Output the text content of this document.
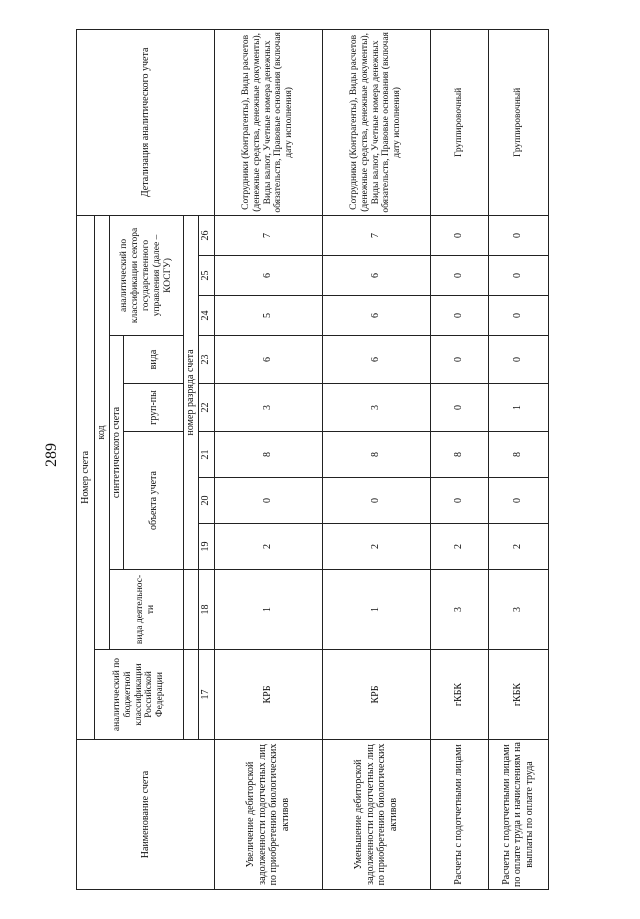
289
Наименование счета	Номер счета										Детализация аналитического учета
	аналитический по бюджетной классификации Российской Федерации	код									
		вида деятельнос-ти	синтетического счета					аналитический по классификации сектора государственного управления (далее – КОСГУ)			
			объекта учета			груп-пы	вида				
			номер разряда счета								
	17	18	19	20	21	22	23	24	25	26	
Увеличение дебиторской задолженности подотчетных лиц по приобретению биологических активов	КРБ	1	2	0	8	3	6	5	6	7	Сотрудники (Контрагенты), Виды расчетов (денежные средства, денежные документы), Виды валют, Учетные номера денежных обязательств, Правовые основания (включая дату исполнения)
Уменьшение дебиторской задолженности подотчетных лиц по приобретению биологических активов	КРБ	1	2	0	8	3	6	6	6	7	Сотрудники (Контрагенты), Виды расчетов (денежные средства, денежные документы), Виды валют, Учетные номера денежных обязательств, Правовые основания (включая дату исполнения)
Расчеты с подотчетными лицами	гКБК	3	2	0	8	0	0	0	0	0	Группировочный
Расчеты с подотчетными лицами по оплате труда и начислениям на выплаты по оплате труда	гКБК	3	2	0	8	1	0	0	0	0	Группировочный
